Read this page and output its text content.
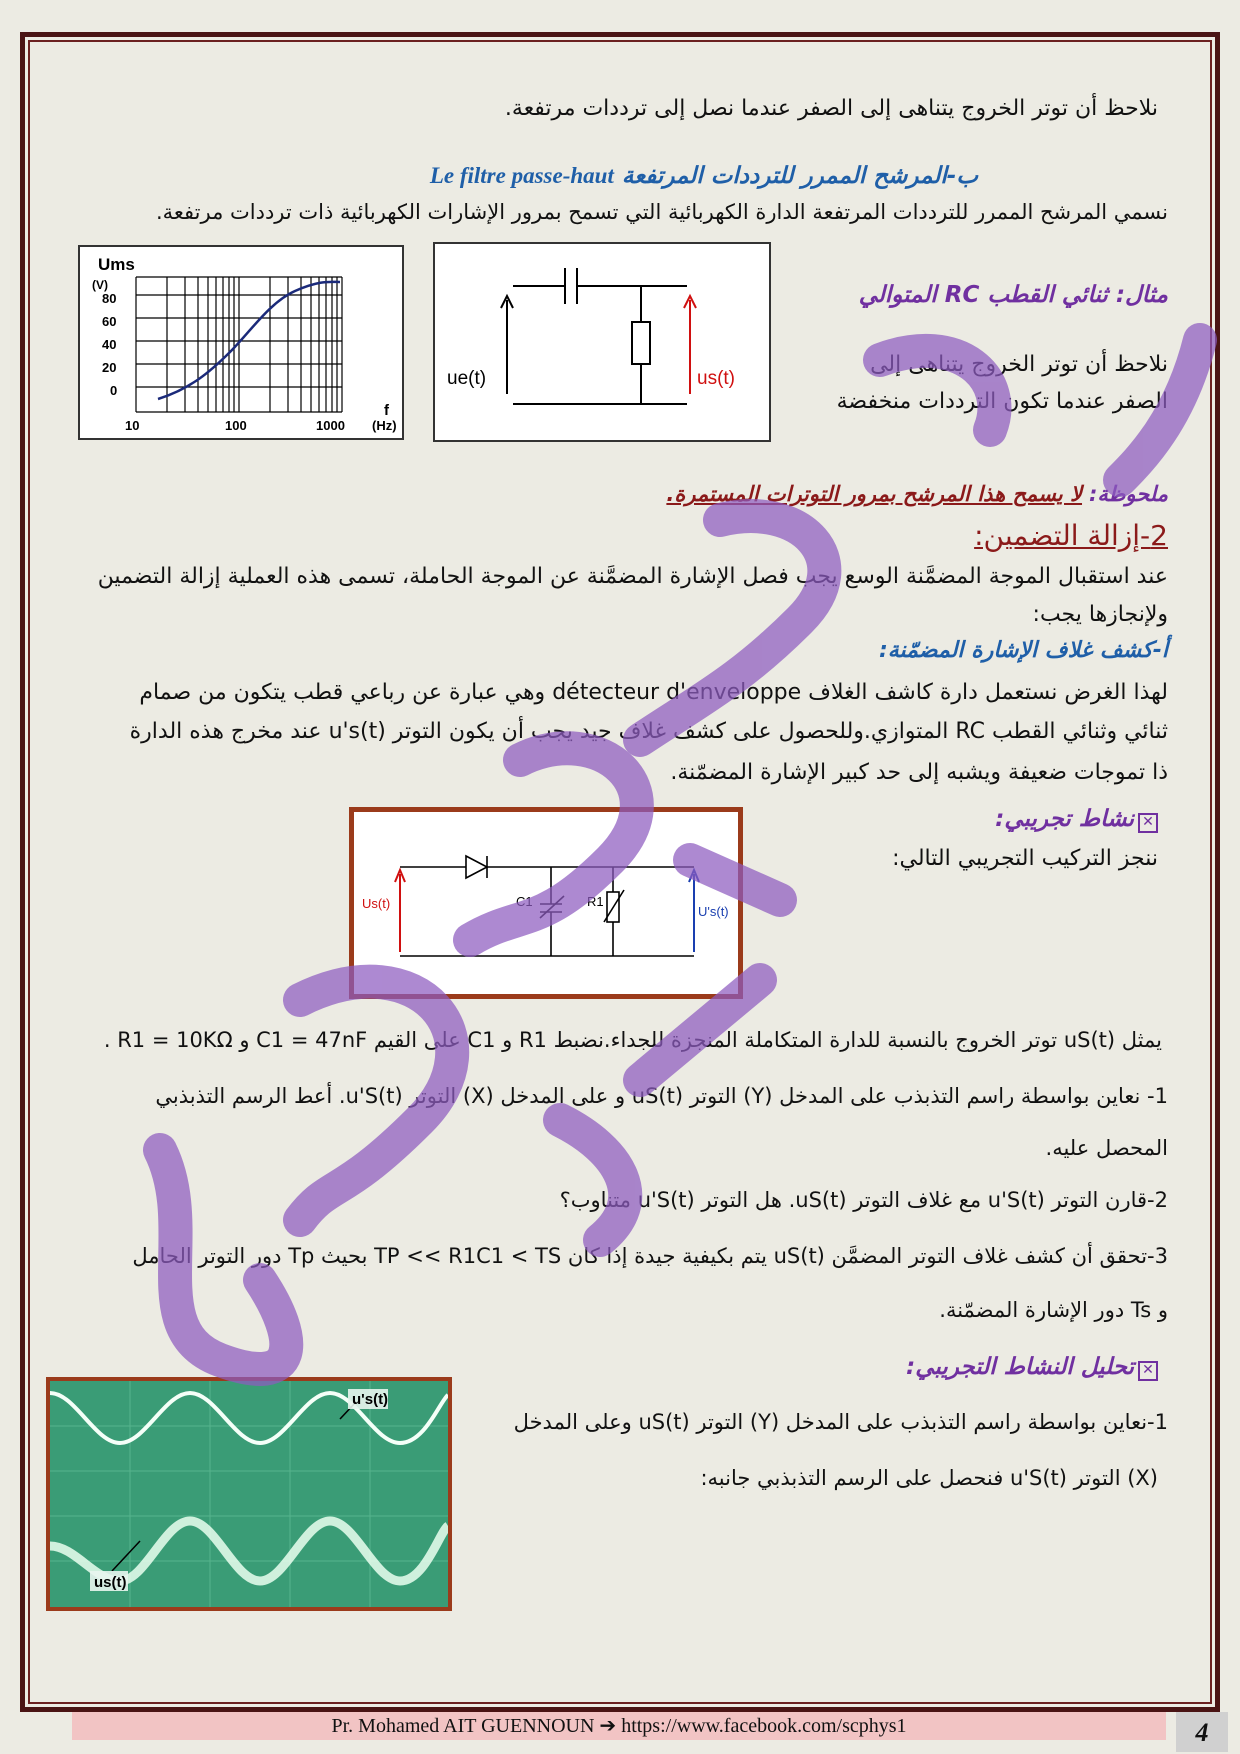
نلاحظ أن توتر الخروج يتناهى إلى الصفر عندما نصل إلى ترددات مرتفعة.
ب-المرشح الممرر للترددات المرتفعة Le filtre passe-haut
نسمي المرشح الممرر للترددات المرتفعة الدارة الكهربائية التي تسمح بمرور الإشارات الكهربائية ذات ترددات مرتفعة.
Ums
(V)
80
60
40
20
0
10	100	1000
f
(Hz)
ue(t)	us(t)
مثال: ثنائي القطب RC المتوالي
نلاحظ أن توتر الخروج يتناهى إلى
الصفر عندما تكون الترددات منخفضة
ملحوظة: لا يسمح هذا المرشح بمرور التوترات المستمرة.
2-إزالة التضمين:
عند استقبال الموجة المضمَّنة الوسع يجب فصل الإشارة المضمَّنة عن الموجة الحاملة، تسمى هذه العملية إزالة التضمين
ولإنجازها يجب:
أ-كشف غلاف الإشارة المضمّنة:
لهذا الغرض نستعمل دارة كاشف الغلاف détecteur d'enveloppe وهي عبارة عن رباعي قطب يتكون من صمام
ثنائي وثنائي القطب RC المتوازي.وللحصول على كشف غلاف جيد يجب أن يكون التوتر u's(t) عند مخرج هذه الدارة
ذا تموجات ضعيفة ويشبه إلى حد كبير الإشارة المضمّنة.
✕نشاط تجريبي:
ننجز التركيب التجريبي التالي:
Us(t)
U's(t)
C1	R1
يمثل uS(t) توتر الخروج بالنسبة للدارة المتكاملة المنجزة للجداء.نضبط R1 و C1 على القيم C1 = 47nF و R1 = 10KΩ .
1- نعاين بواسطة راسم التذبذب على المدخل (Y) التوتر uS(t) و على المدخل (X) التوتر u'S(t). أعط الرسم التذبذبي
المحصل عليه.
2-قارن التوتر u'S(t) مع غلاف التوتر uS(t). هل التوتر u'S(t) متناوب؟
3-تحقق أن كشف غلاف التوتر المضمَّن uS(t) يتم بكيفية جيدة إذا كان TP << R1C1 < TS بحيث Tp دور التوتر الحامل
و Ts دور الإشارة المضمّنة.
✕تحليل النشاط التجريبي:
1-نعاين بواسطة راسم التذبذب على المدخل (Y) التوتر uS(t) وعلى المدخل
(X) التوتر u'S(t) فنحصل على الرسم التذبذبي جانبه:
u's(t)
us(t)
Pr. Mohamed AIT GUENNOUN ➔ https://www.facebook.com/scphys1	4
